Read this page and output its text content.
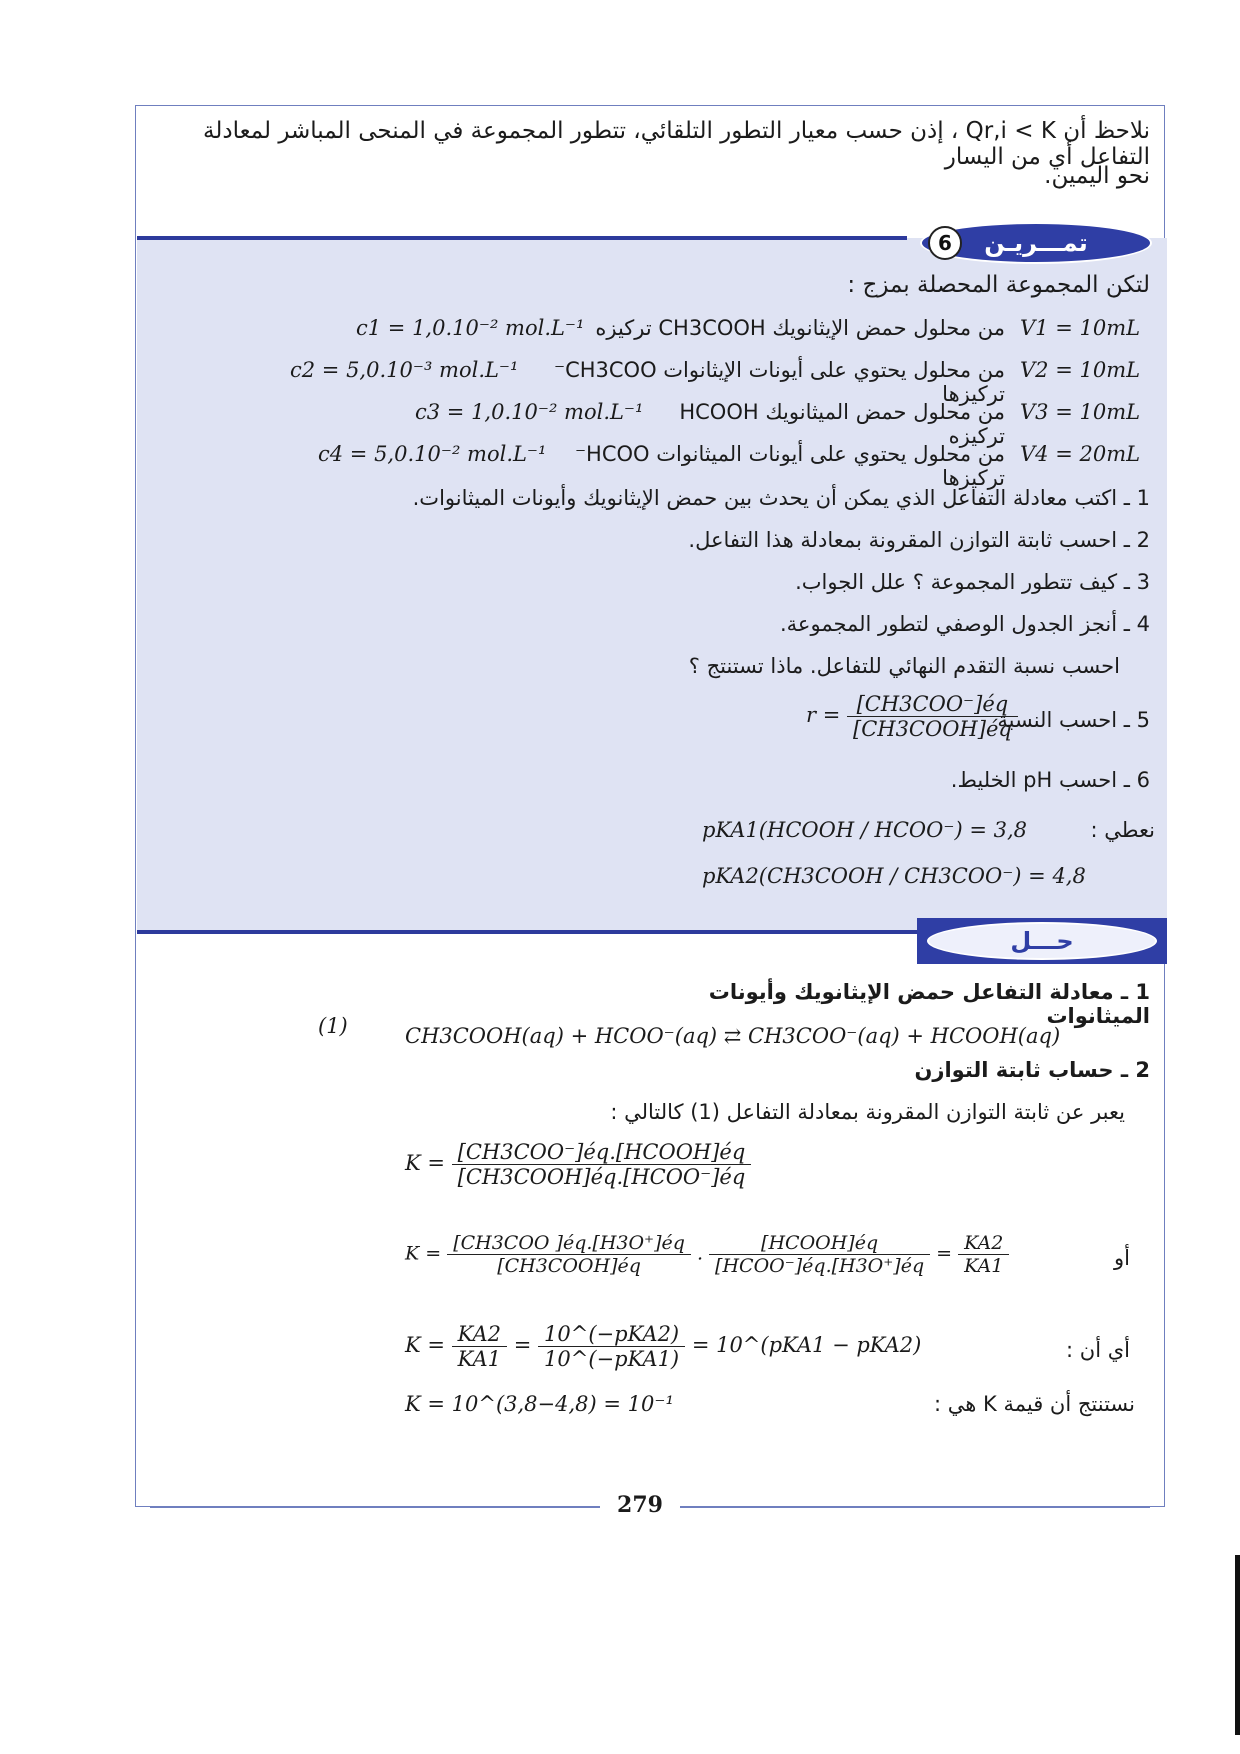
نلاحظ أن Qr,i < K ، إذن حسب معيار التطور التلقائي، تتطور المجموعة في المنحى المباشر لمعادلة التفاعل أي من اليسار
نحو اليمين.
تمـــريـن
6
لتكن المجموعة المحصلة بمزج :
V1 = 10mL
من محلول حمض الإيثانويك CH3COOH تركيزه
c1 = 1,0.10⁻² mol.L⁻¹
V2 = 10mL
من محلول يحتوي على أيونات الإيثانوات CH3COO⁻ تركيزها
c2 = 5,0.10⁻³ mol.L⁻¹
V3 = 10mL
من محلول حمض الميثانويك HCOOH تركيزه
c3 = 1,0.10⁻² mol.L⁻¹
V4 = 20mL
من محلول يحتوي على أيونات الميثانوات HCOO⁻ تركيزها
c4 = 5,0.10⁻² mol.L⁻¹
1 ـ اكتب معادلة التفاعل الذي يمكن أن يحدث بين حمض الإيثانويك وأيونات الميثانوات.
2 ـ احسب ثابتة التوازن المقرونة بمعادلة هذا التفاعل.
3 ـ كيف تتطور المجموعة ؟ علل الجواب.
4 ـ أنجز الجدول الوصفي لتطور المجموعة.
احسب نسبة التقدم النهائي للتفاعل. ماذا تستنتج ؟
5 ـ احسب النسبة
6 ـ احسب pH الخليط.
$r = \frac{\text{[CH3COO⁻]éq}}{\text{[CH3COOH]éq}}$
نعطي :
pKA1(HCOOH / HCOO⁻) = 3,8
pKA2(CH3COOH / CH3COO⁻) = 4,8
حـــل
1 ـ معادلة التفاعل حمض الإيثانويك وأيونات الميثانوات
(1)	CH3COOH(aq) + HCOO⁻(aq) ⇄ CH3COO⁻(aq) + HCOOH(aq)
2 ـ حساب ثابتة التوازن
يعبر عن ثابتة التوازن المقرونة بمعادلة التفاعل (1) كالتالي :
$K = \frac{\text{[CH3COO⁻]éq.[HCOOH]éq}}{\text{[CH3COOH]éq.[HCOO⁻]éq}}$
أو
$K = \frac{\text{[CH3COO ]éq.[H3O⁺]éq}}{\text{[CH3COOH]éq}}$ . $\frac{\text{[HCOOH]éq}}{\text{[HCOO⁻]éq.[H3O⁺]éq}} = \frac{KA2}{KA1}$
أي أن :
$K = \frac{KA2}{KA1} = \frac{\text{10\textasciicircum{}(−pKA2)}}{\text{10\textasciicircum{}(−pKA1)}}$ = 10^(pKA1 − pKA2)
نستنتج أن قيمة K هي :
K = 10^(3,8−4,8) = 10⁻¹
279
